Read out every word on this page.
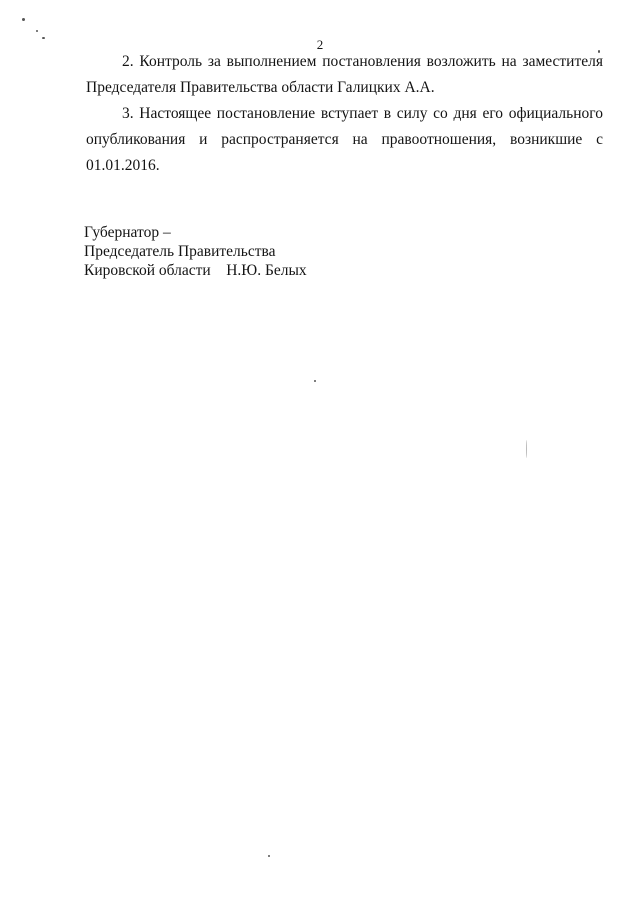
2

2. Контроль за выполнением постановления возложить на заместителя Председателя Правительства области Галицких А.А.

3. Настоящее постановление вступает в силу со дня его официального опубликования и распространяется на правоотношения, возникшие с 01.01.2016.

Губернатор –
Председатель Правительства
Кировской области    Н.Ю. Белых
